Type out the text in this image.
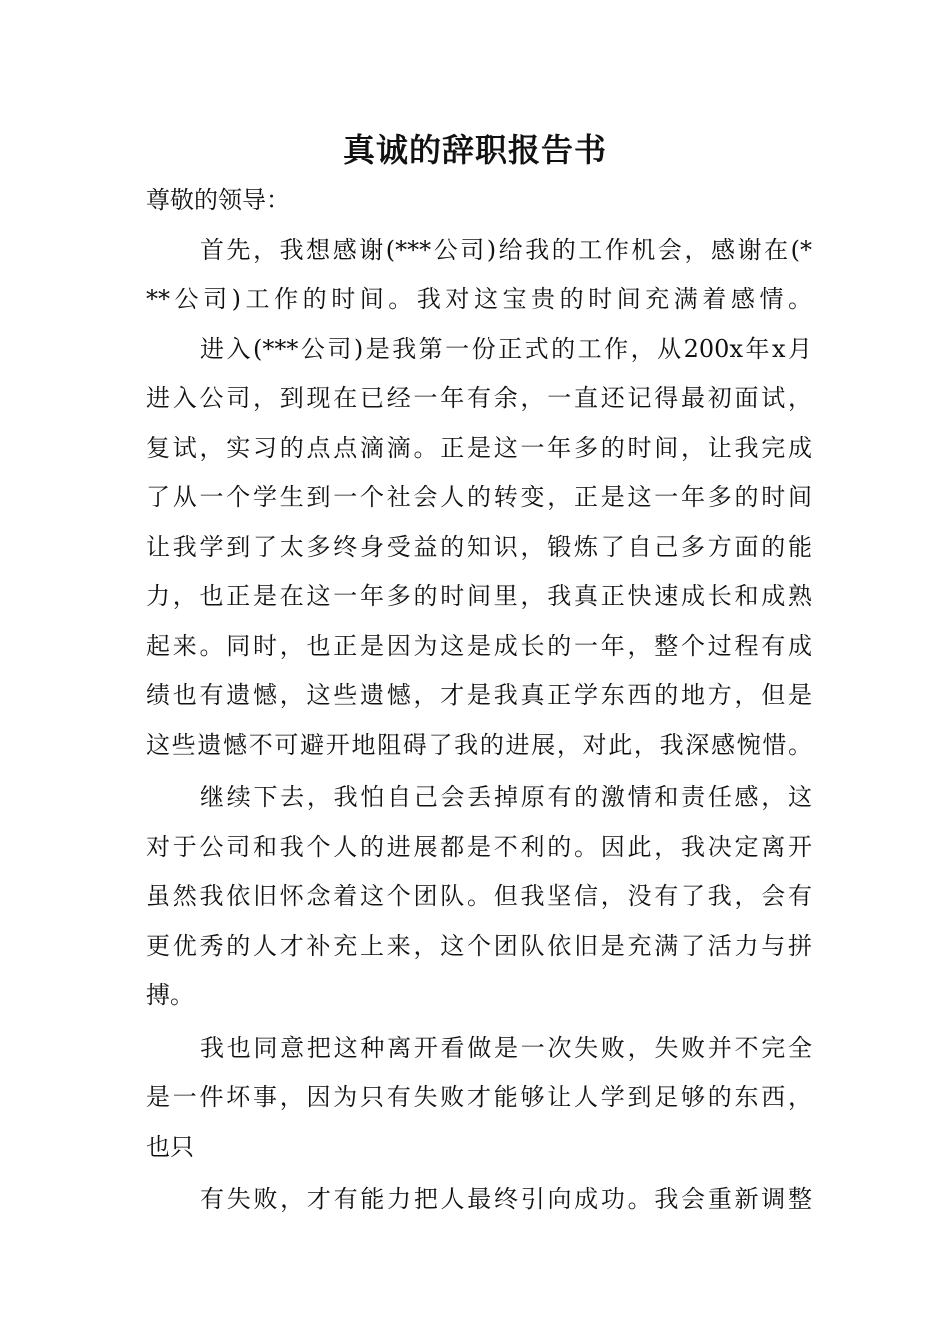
真诚的辞职报告书

尊敬的领导：

首先，我想感谢(***公司)给我的工作机会，感谢在(*
**公司)工作的时间。我对这宝贵的时间充满着感情。
进入(***公司)是我第一份正式的工作，从200x年x月
进入公司，到现在已经一年有余，一直还记得最初面试，
复试，实习的点点滴滴。正是这一年多的时间，让我完成
了从一个学生到一个社会人的转变，正是这一年多的时间
让我学到了太多终身受益的知识，锻炼了自己多方面的能
力，也正是在这一年多的时间里，我真正快速成长和成熟
起来。同时，也正是因为这是成长的一年，整个过程有成
绩也有遗憾，这些遗憾，才是我真正学东西的地方，但是
这些遗憾不可避开地阻碍了我的进展，对此，我深感惋惜。
继续下去，我怕自己会丢掉原有的激情和责任感，这
对于公司和我个人的进展都是不利的。因此，我决定离开
虽然我依旧怀念着这个团队。但我坚信，没有了我，会有
更优秀的人才补充上来，这个团队依旧是充满了活力与拼
搏。
我也同意把这种离开看做是一次失败，失败并不完全
是一件坏事，因为只有失败才能够让人学到足够的东西，
也只
有失败，才有能力把人最终引向成功。我会重新调整
